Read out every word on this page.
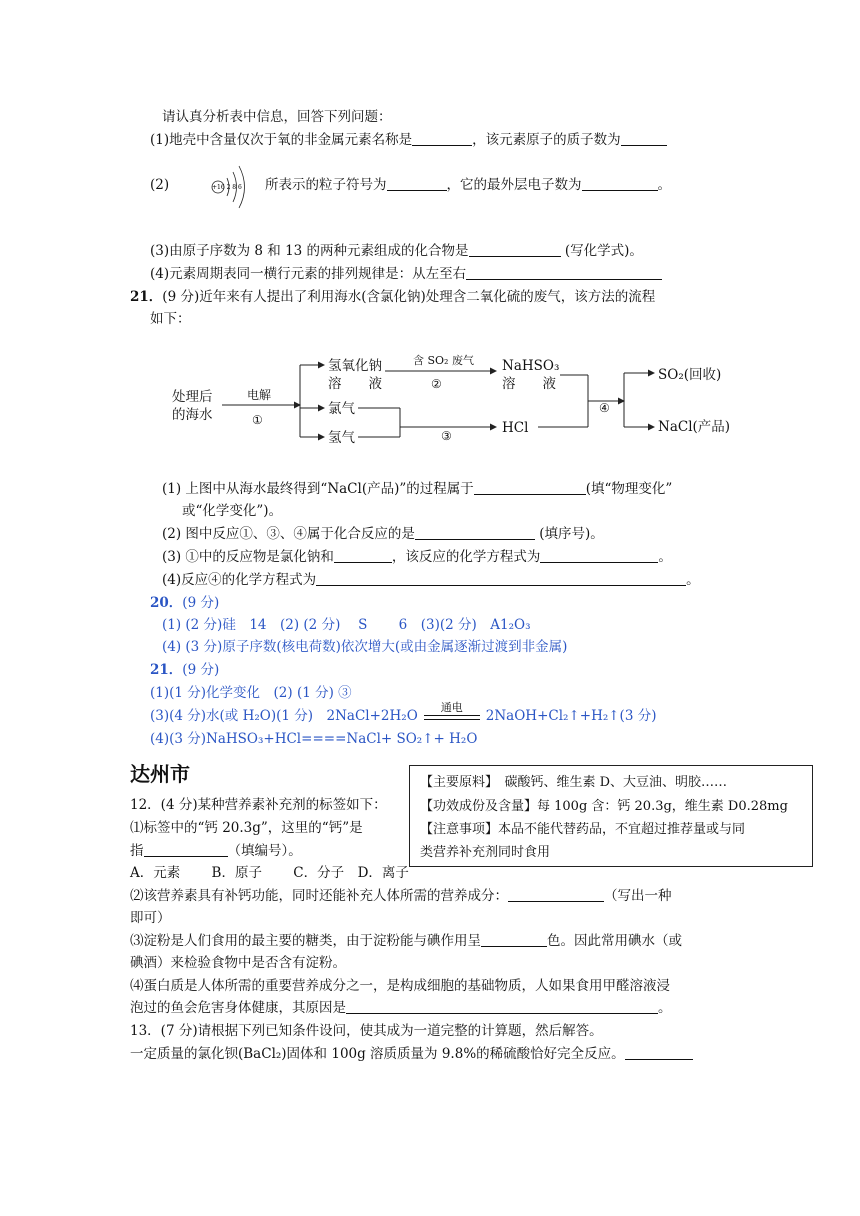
请认真分析表中信息，回答下列问题：
(1)地壳中含量仅次于氧的非金属元素名称是	，该元素原子的质子数为
(2)	+16 2 8 6 所表示的粒子符号为	，它的最外层电子数为	。
(3)由原子序数为 8 和 13 的两种元素组成的化合物是	(写化学式)。
(4)元素周期表同一横行元素的排列规律是：从左至右
21．(9 分)近年来有人提出了利用海水(含氯化钠)处理含二氧化硫的废气，该方法的流程
如下：
处理后
的海水
电解
①
氢氧化钠
溶　　液
含 SO₂ 废气
②
NaHSO₃
溶　　液
氯气
氢气	③	HCl
④
SO₂(回收)
NaCl(产品)
(1) 上图中从海水最终得到“NaCl(产品)”的过程属于	(填“物理变化”
或“化学变化”)。
(2) 图中反应①、③、④属于化合反应的是	(填序号)。
(3) ①中的反应物是氯化钠和	，该反应的化学方程式为	。
(4)反应④的化学方程式为	。
20．(9 分)
(1) (2 分)硅　14　(2) (2 分)　 S　　 6　(3)(2 分)　A1₂O₃
(4) (3 分)原子序数(核电荷数)依次增大(或由金属逐渐过渡到非金属)
21．(9 分)
(1)(1 分)化学变化　(2) (1 分) ③
(3)(4 分)水(或 H₂O)(1 分)　2NaCl+2H₂O
通电
2NaOH+Cl₂↑+H₂↑(3 分)
(4)(3 分)NaHSO₃+HCl====NaCl+ SO₂↑+ H₂O
达州市	【主要原料】　碳酸钙、维生素 D、大豆油、明胶……
【功效成份及含量】每 100g 含：钙 20.3g，维生素 D0.28mg
【注意事项】本品不能代替药品，不宜超过推荐量或与同
类营养补充剂同时食用
12．(4 分)某种营养素补充剂的标签如下：
⑴标签中的“钙 20.3g”，这里的“钙”是
指	（填编号）。
A．元素　　 B．原子　　 C．分子　D．离子
⑵该营养素具有补钙功能，同时还能补充人体所需的营养成分：	（写出一种
即可）
⑶淀粉是人们食用的最主要的糖类，由于淀粉能与碘作用呈	色。因此常用碘水（或
碘酒）来检验食物中是否含有淀粉。
⑷蛋白质是人体所需的重要营养成分之一，是构成细胞的基础物质，人如果食用甲醛溶液浸
泡过的鱼会危害身体健康，其原因是	。
13．(7 分)请根据下列已知条件设问，使其成为一道完整的计算题，然后解答。
一定质量的氯化钡(BaCl₂)固体和 100g 溶质质量为 9.8%的稀硫酸恰好完全反应。
